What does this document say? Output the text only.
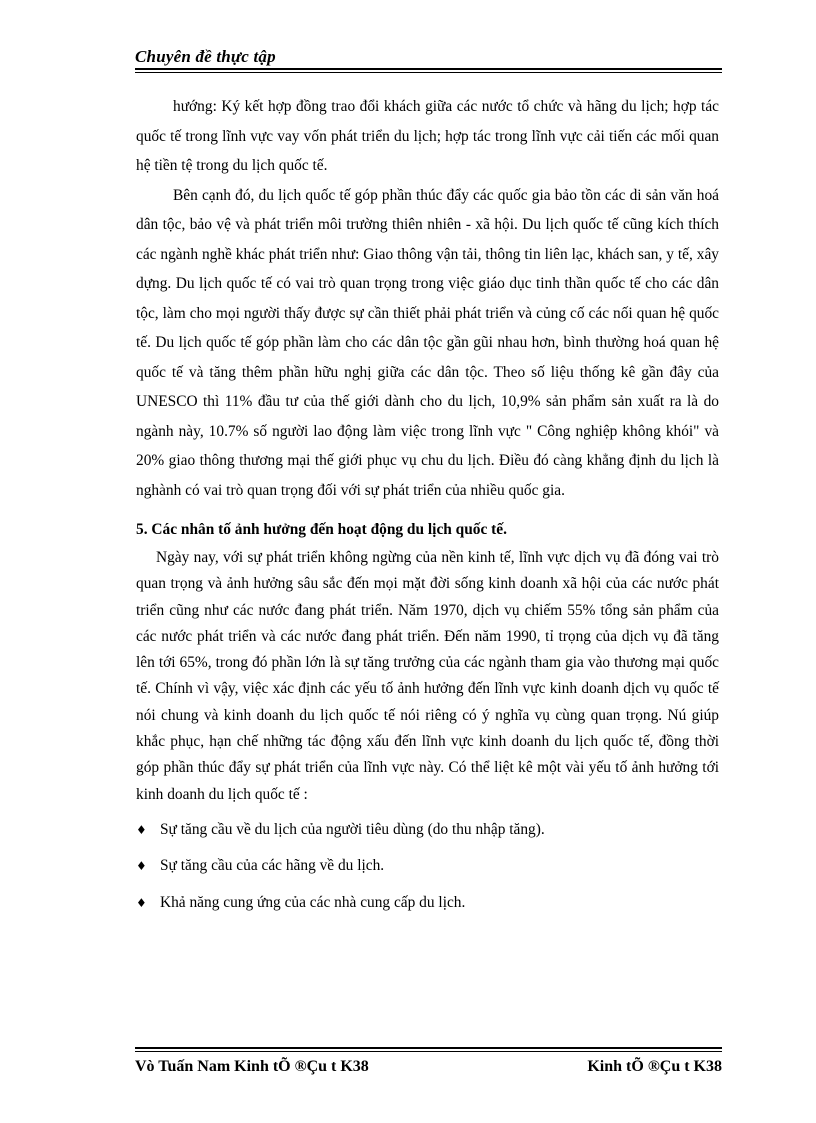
Chuyên đề thực tập

hướng: Ký kết hợp đồng trao đổi khách giữa các nước tổ chức và hãng du lịch; hợp tác quốc tế trong lĩnh vực vay vốn phát triển du lịch; hợp tác trong lĩnh vực cải tiến các mối quan hệ tiền tệ trong du lịch quốc tế.

Bên cạnh đó, du lịch quốc tế góp phần thúc đẩy các quốc gia bảo tồn các di sản văn hoá dân tộc, bảo vệ và phát triển môi trường thiên nhiên - xã hội. Du lịch quốc tế cũng kích thích các ngành nghề khác phát triển như: Giao thông vận tải, thông tin liên lạc, khách san, y tế, xây dựng. Du lịch quốc tế có vai trò quan trọng trong việc giáo dục tinh thần quốc tế cho các dân tộc, làm cho mọi người thấy được sự cần thiết phải phát triển và củng cố các nối quan hệ quốc tế. Du lịch quốc tế góp phần làm cho các dân tộc gần gũi nhau hơn, bình thường hoá quan hệ quốc tế và tăng thêm phần hữu nghị giữa các dân tộc. Theo số liệu thống kê gần đây của UNESCO thì 11% đầu tư của thế giới dành cho du lịch, 10,9% sản phẩm sản xuất ra là do ngành này, 10.7% số người lao động làm việc trong lĩnh vực " Công nghiệp không khói" và 20% giao thông thương mại thế giới phục vụ chu du lịch. Điều đó càng khẳng định du lịch là nghành có vai trò quan trọng đối với sự phát triển của nhiều quốc gia.

5. Các nhân tố ảnh hưởng đến hoạt động du lịch quốc tế.

Ngày nay, với sự phát triển không ngừng của nền kinh tế, lĩnh vực dịch vụ đã đóng vai trò quan trọng và ảnh hưởng sâu sắc đến mọi mặt đời sống kinh doanh xã hội của các nước phát triển cũng như các nước đang phát triển. Năm 1970, dịch vụ chiếm 55% tổng sản phẩm của các nước phát triển và các nước đang phát triển. Đến năm 1990, tỉ trọng của dịch vụ đã tăng lên tới 65%, trong đó phần lớn là sự tăng trưởng của các ngành tham gia vào thương mại quốc tế. Chính vì vậy, việc xác định các yếu tố ảnh hưởng đến lĩnh vực kinh doanh dịch vụ quốc tế nói chung và kinh doanh du lịch quốc tế nói riêng có ý nghĩa vụ cùng quan trọng. Nú giúp khắc phục, hạn chế những tác động xấu đến lĩnh vực kinh doanh du lịch quốc tế, đồng thời góp phần thúc đẩy sự phát triển của lĩnh vực này. Có thể liệt kê một vài yếu tố ảnh hưởng tới kinh doanh du lịch quốc tế :

♦ Sự tăng cầu về du lịch của người tiêu dùng (do thu nhập tăng).
♦ Sự tăng cầu của các hãng về du lịch.
♦ Khả năng cung ứng của các nhà cung cấp du lịch.
Vò Tuấn Nam Kinh tÕ ®Çu t K38	Kinh tÕ ®Çu t K38
